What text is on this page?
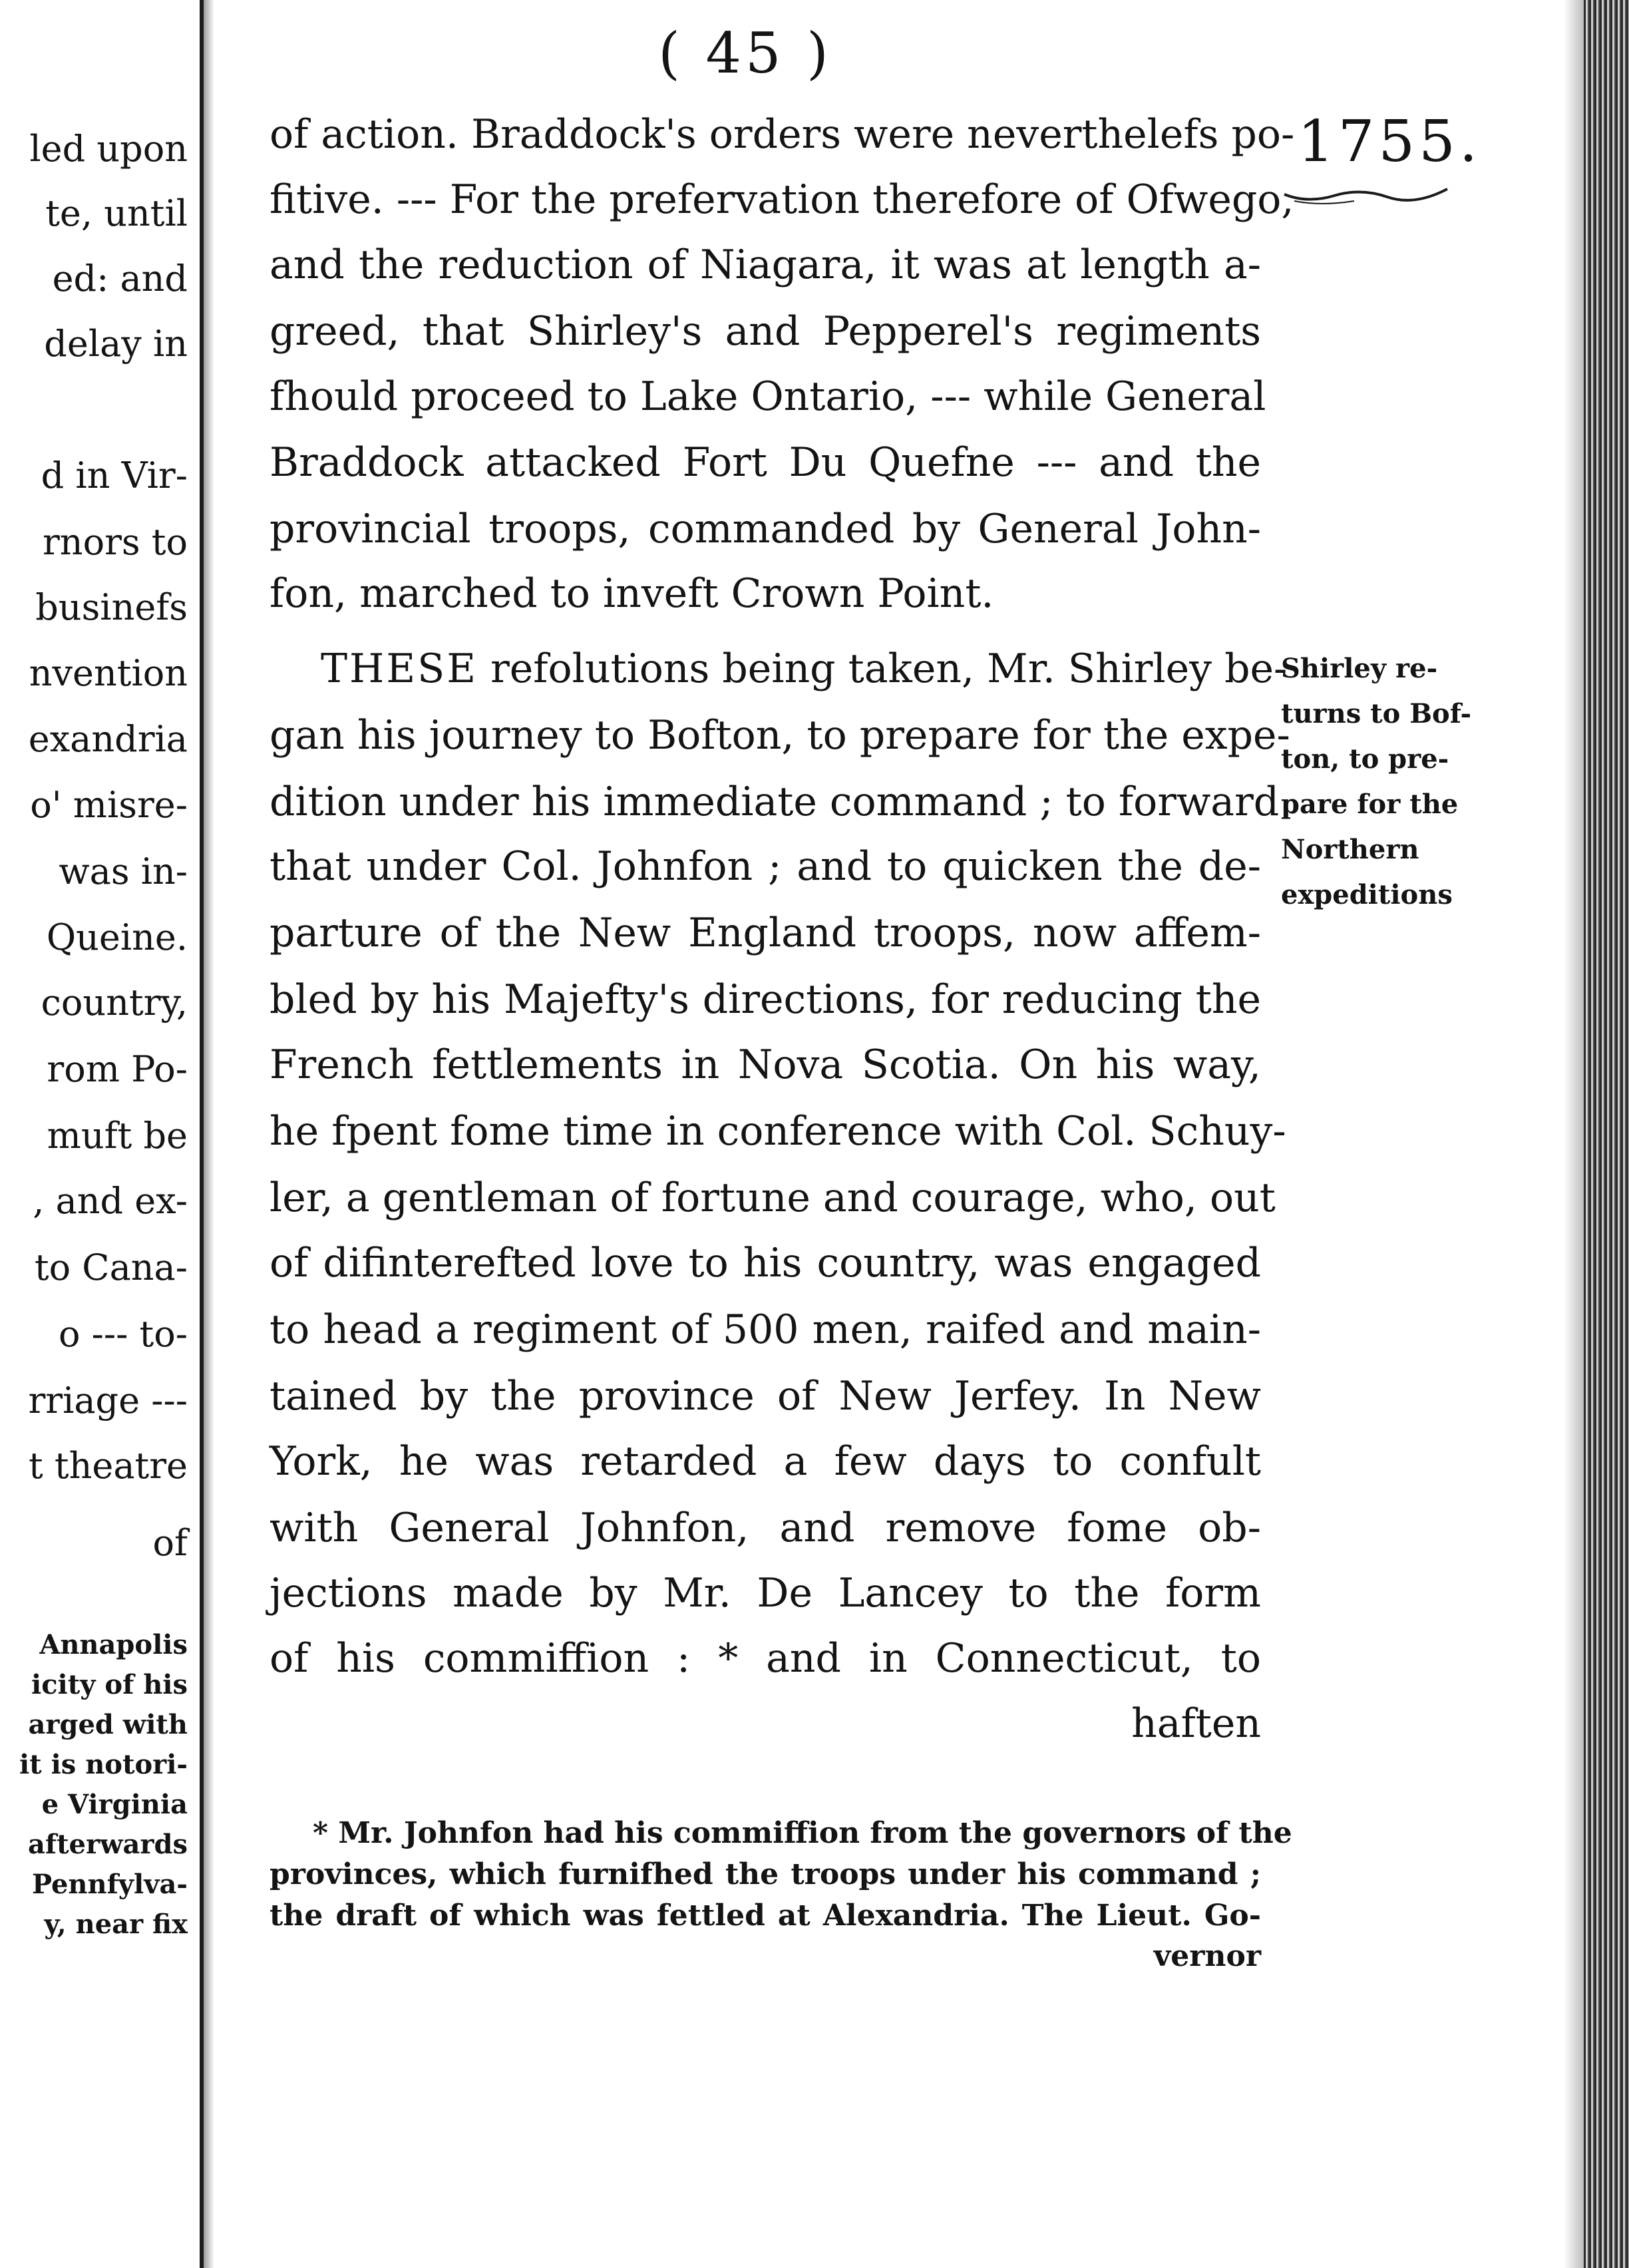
led upon
te, until
ed: and
delay in
d in Vir-
rnors to
businefs
nvention
exandria
o' misre-
was in-
Queine.
country,
rom Po-
muft be
, and ex-
to Cana-
o --- to-
rriage ---
t theatre
of
Annapolis
icity of his
arged with
it is notori-
e Virginia
afterwards
Pennfylva-
y, near fix
( 45 )
1755.
of action. Braddock's orders were neverthelefs po-
fitive. --- For the prefervation therefore of Ofwego,
and the reduction of Niagara, it was at length a-
greed, that Shirley's and Pepperel's regiments
fhould proceed to Lake Ontario, --- while General
Braddock attacked Fort Du Quefne --- and the
provincial troops, commanded by General John-
fon, marched to inveft Crown Point.
THESE refolutions being taken, Mr. Shirley be-
gan his journey to Bofton, to prepare for the expe-
dition under his immediate command ; to forward
that under Col. Johnfon ; and to quicken the de-
parture of the New England troops, now affem-
bled by his Majefty's directions, for reducing the
French fettlements in Nova Scotia. On his way,
he fpent fome time in conference with Col. Schuy-
ler, a gentleman of fortune and courage, who, out
of difinterefted love to his country, was engaged
to head a regiment of 500 men, raifed and main-
tained by the province of New Jerfey. In New
York, he was retarded a few days to confult
with General Johnfon, and remove fome ob-
jections made by Mr. De Lancey to the form
of his commiffion : * and in Connecticut, to
haften
Shirley re-
turns to Bof-
ton, to pre-
pare for the
Northern
expeditions
* Mr. Johnfon had his commiffion from the governors of the
provinces, which furnifhed the troops under his command ;
the draft of which was fettled at Alexandria. The Lieut. Go-
vernor
